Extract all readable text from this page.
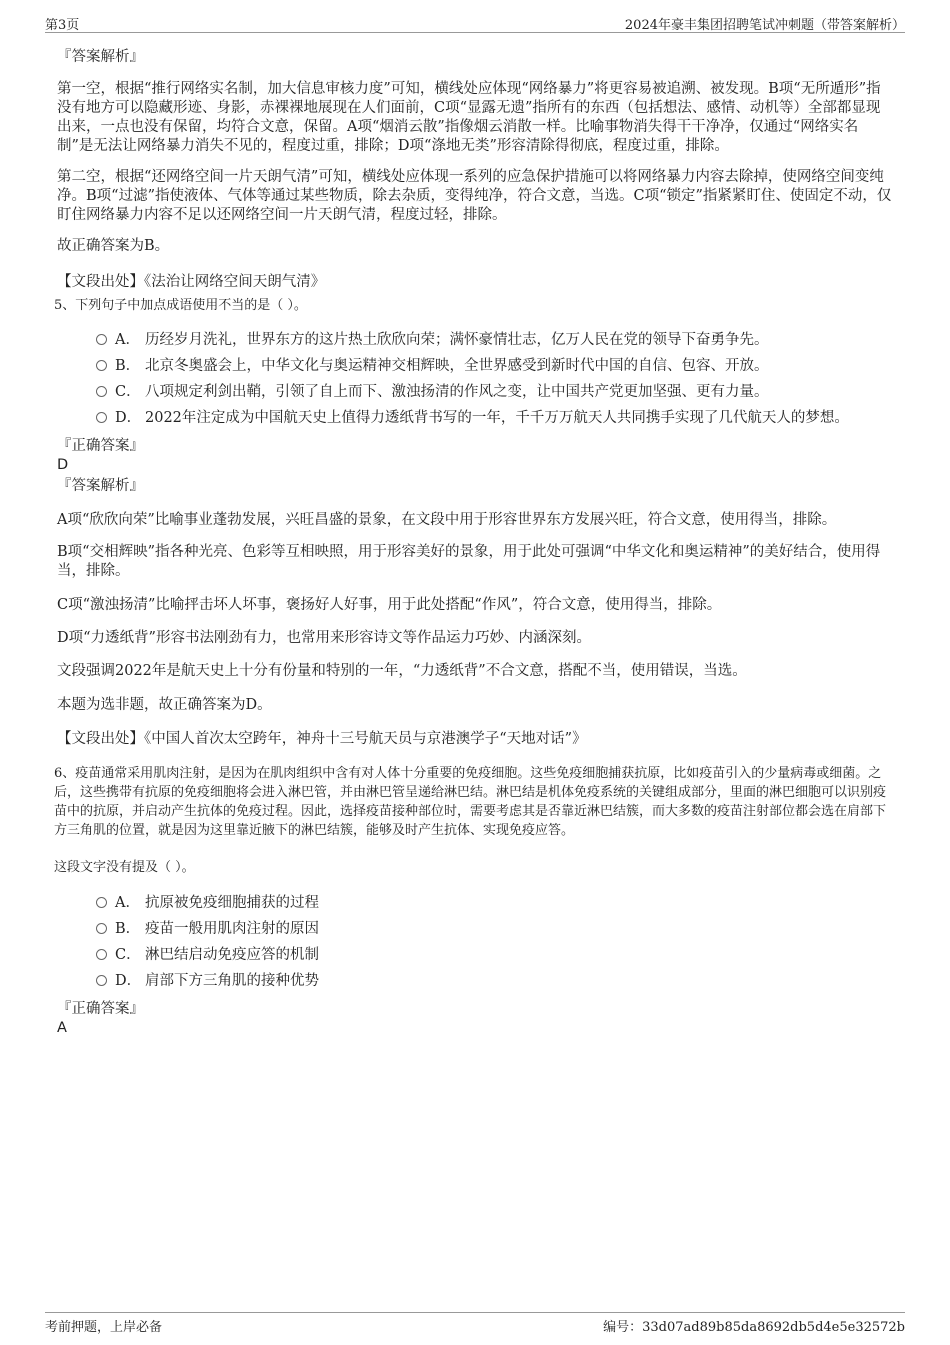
第3页	2024年豪丰集团招聘笔试冲刺题（带答案解析）

『答案解析』

第一空，根据“推行网络实名制，加大信息审核力度”可知，横线处应体现“网络暴力”将更容易被追溯、被发现。B项“无所遁形”指没有地方可以隐藏形迹、身影，赤裸裸地展现在人们面前，C项“显露无遗”指所有的东西（包括想法、感情、动机等）全部都显现出来，一点也没有保留，均符合文意，保留。A项“烟消云散”指像烟云消散一样。比喻事物消失得干干净净，仅通过“网络实名制”是无法让网络暴力消失不见的，程度过重，排除；D项“涤地无类”形容清除得彻底，程度过重，排除。

第二空，根据“还网络空间一片天朗气清”可知，横线处应体现一系列的应急保护措施可以将网络暴力内容去除掉，使网络空间变纯净。B项“过滤”指使液体、气体等通过某些物质，除去杂质，变得纯净，符合文意，当选。C项“锁定”指紧紧盯住、使固定不动，仅盯住网络暴力内容不足以还网络空间一片天朗气清，程度过轻，排除。

故正确答案为B。

【文段出处】《法治让网络空间天朗气清》

5、下列句子中加点成语使用不当的是（ ）。

A． 历经岁月洗礼，世界东方的这片热土欣欣向荣；满怀豪情壮志，亿万人民在党的领导下奋勇争先。
B． 北京冬奥盛会上，中华文化与奥运精神交相辉映，全世界感受到新时代中国的自信、包容、开放。
C． 八项规定利剑出鞘，引领了自上而下、激浊扬清的作风之变，让中国共产党更加坚强、更有力量。
D． 2022年注定成为中国航天史上值得力透纸背书写的一年，千千万万航天人共同携手实现了几代航天人的梦想。

『正确答案』

D

『答案解析』

A项“欣欣向荣”比喻事业蓬勃发展，兴旺昌盛的景象，在文段中用于形容世界东方发展兴旺，符合文意，使用得当，排除。

B项“交相辉映”指各种光亮、色彩等互相映照，用于形容美好的景象，用于此处可强调“中华文化和奥运精神”的美好结合，使用得当，排除。

C项“激浊扬清”比喻抨击坏人坏事，褒扬好人好事，用于此处搭配“作风”，符合文意，使用得当，排除。

D项“力透纸背”形容书法刚劲有力，也常用来形容诗文等作品运力巧妙、内涵深刻。

文段强调2022年是航天史上十分有份量和特别的一年，“力透纸背”不合文意，搭配不当，使用错误，当选。

本题为选非题，故正确答案为D。

【文段出处】《中国人首次太空跨年，神舟十三号航天员与京港澳学子“天地对话”》

6、疫苗通常采用肌肉注射，是因为在肌肉组织中含有对人体十分重要的免疫细胞。这些免疫细胞捕获抗原，比如疫苗引入的少量病毒或细菌。之后，这些携带有抗原的免疫细胞将会进入淋巴管，并由淋巴管呈递给淋巴结。淋巴结是机体免疫系统的关键组成部分，里面的淋巴细胞可以识别疫苗中的抗原，并启动产生抗体的免疫过程。因此，选择疫苗接种部位时，需要考虑其是否靠近淋巴结簇，而大多数的疫苗注射部位都会选在肩部下方三角肌的位置，就是因为这里靠近腋下的淋巴结簇，能够及时产生抗体、实现免疫应答。

这段文字没有提及（ ）。

A． 抗原被免疫细胞捕获的过程
B． 疫苗一般用肌肉注射的原因
C． 淋巴结启动免疫应答的机制
D． 肩部下方三角肌的接种优势

『正确答案』

A

考前押题，上岸必备	编号：33d07ad89b85da8692db5d4e5e32572b
